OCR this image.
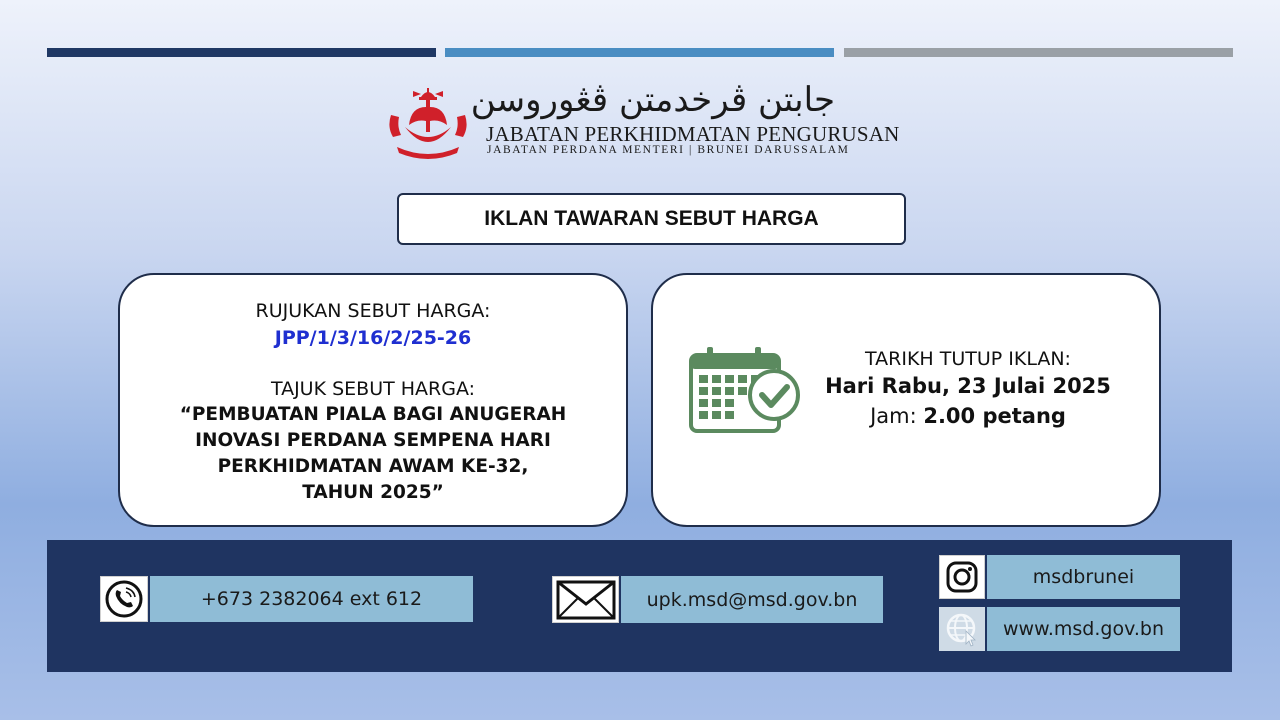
جابتن ڤرخدمتن ڤڠوروسن
JABATAN PERKHIDMATAN PENGURUSAN
JABATAN PERDANA MENTERI | BRUNEI DARUSSALAM
IKLAN TAWARAN SEBUT HARGA
RUJUKAN SEBUT HARGA:
JPP/1/3/16/2/25-26
TAJUK SEBUT HARGA:
“PEMBUATAN PIALA BAGI ANUGERAH
INOVASI PERDANA SEMPENA HARI
PERKHIDMATAN AWAM KE-32,
TAHUN 2025”
TARIKH TUTUP IKLAN:
Hari Rabu, 23 Julai 2025
Jam: 2.00 petang
+673 2382064 ext 612	upk.msd@msd.gov.bn
msdbrunei
www.msd.gov.bn
